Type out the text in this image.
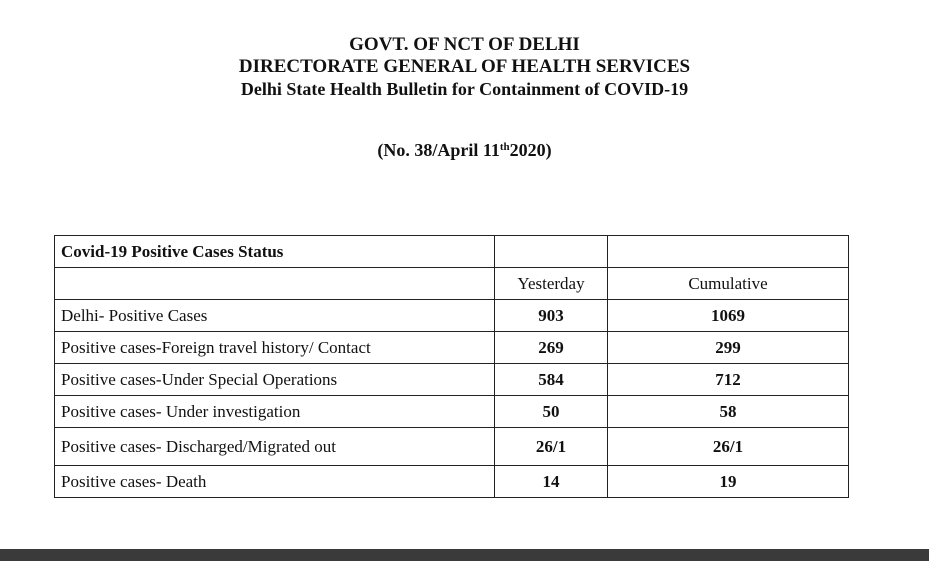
GOVT. OF NCT OF DELHI
DIRECTORATE GENERAL OF HEALTH SERVICES
Delhi State Health Bulletin for Containment of COVID-19
(No. 38/April 11th2020)
Covid-19 Positive Cases Status		
	Yesterday	Cumulative
Delhi- Positive Cases	903	1069
Positive cases-Foreign travel history/ Contact	269	299
Positive cases-Under Special Operations	584	712
Positive cases- Under investigation	50	58
Positive cases- Discharged/Migrated out	26/1	26/1
Positive cases- Death	14	19
